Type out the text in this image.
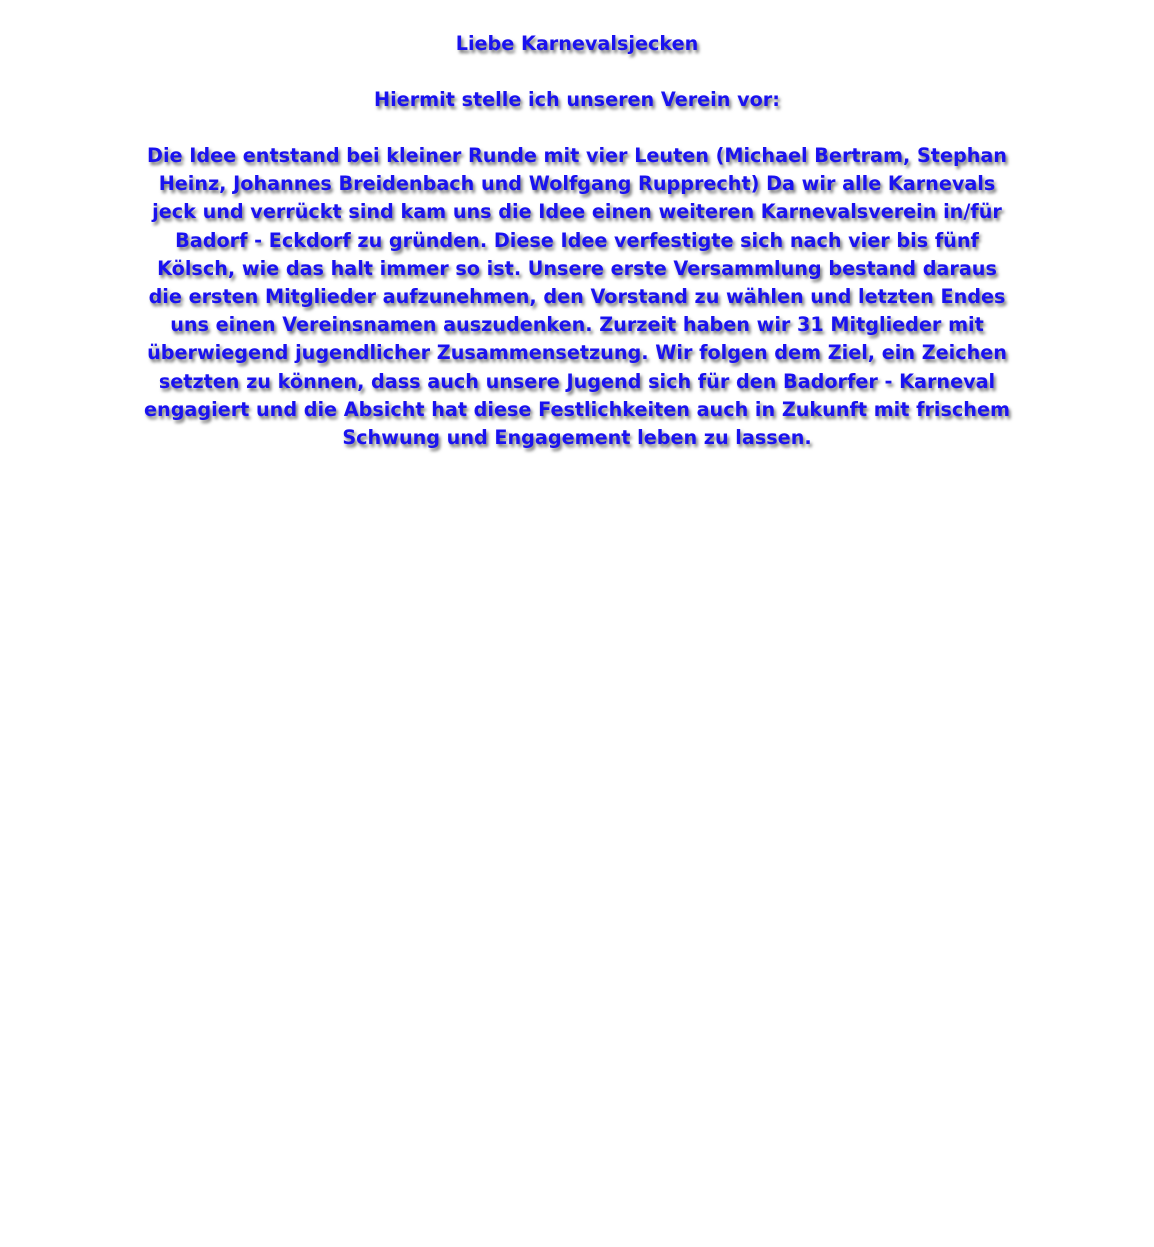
Liebe Karnevalsjecken

Hiermit stelle ich unseren Verein vor:

Die Idee entstand bei kleiner Runde mit vier Leuten (Michael Bertram, Stephan
Heinz, Johannes Breidenbach und Wolfgang Rupprecht) Da wir alle Karnevals
jeck und verrückt sind kam uns die Idee einen weiteren Karnevalsverein in/für
Badorf - Eckdorf zu gründen. Diese Idee verfestigte sich nach vier bis fünf
Kölsch, wie das halt immer so ist. Unsere erste Versammlung bestand daraus
die ersten Mitglieder aufzunehmen, den Vorstand zu wählen und letzten Endes
uns einen Vereinsnamen auszudenken. Zurzeit haben wir 31 Mitglieder mit
überwiegend jugendlicher Zusammensetzung. Wir folgen dem Ziel, ein Zeichen
setzten zu können, dass auch unsere Jugend sich für den Badorfer - Karneval
engagiert und die Absicht hat diese Festlichkeiten auch in Zukunft mit frischem
Schwung und Engagement leben zu lassen.
